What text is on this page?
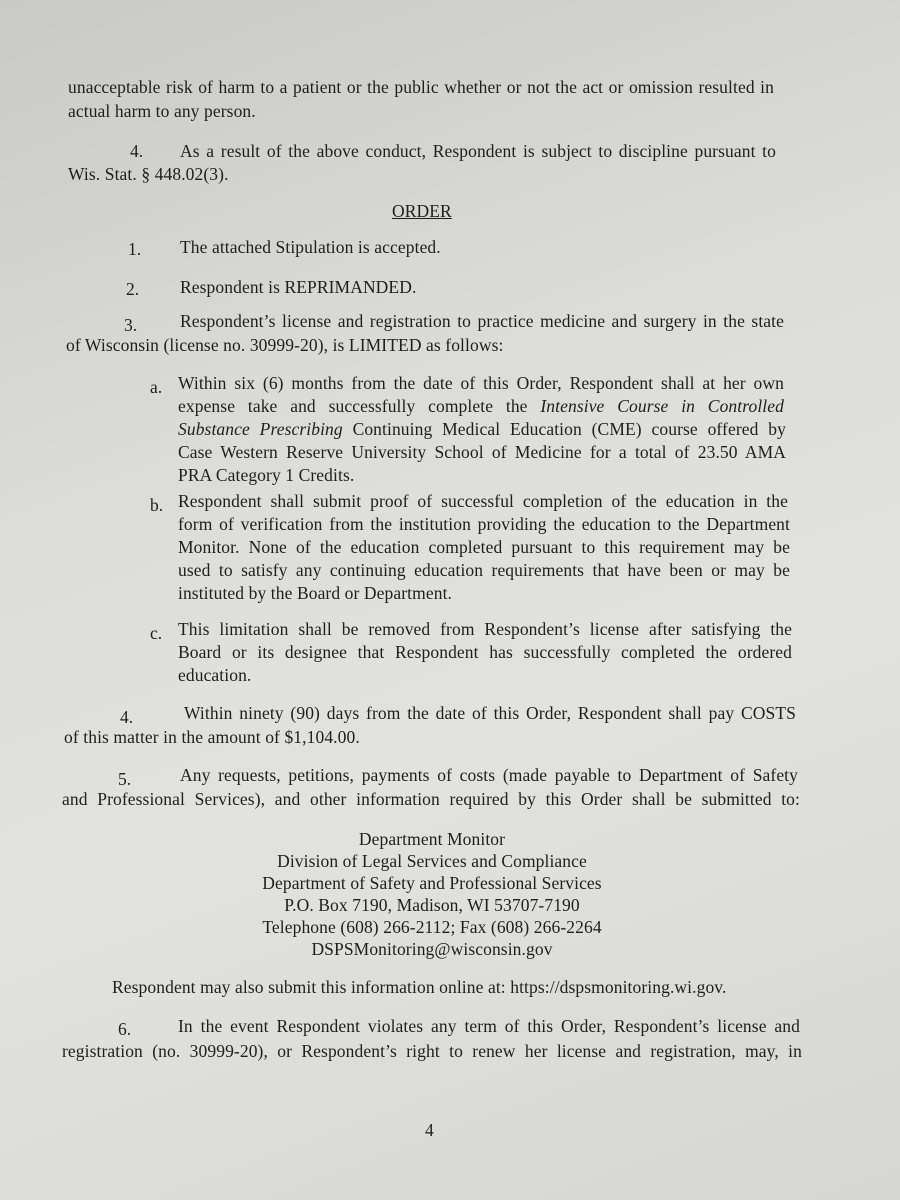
unacceptable risk of harm to a patient or the public whether or not the act or omission resulted in
actual harm to any person.
4. As a result of the above conduct, Respondent is subject to discipline pursuant to
Wis. Stat. § 448.02(3).
ORDER
1. The attached Stipulation is accepted.
2. Respondent is REPRIMANDED.
3. Respondent’s license and registration to practice medicine and surgery in the state
of Wisconsin (license no. 30999-20), is LIMITED as follows:
a. Within six (6) months from the date of this Order, Respondent shall at her own
expense take and successfully complete the Intensive Course in Controlled
Substance Prescribing Continuing Medical Education (CME) course offered by
Case Western Reserve University School of Medicine for a total of 23.50 AMA
PRA Category 1 Credits.
b. Respondent shall submit proof of successful completion of the education in the
form of verification from the institution providing the education to the Department
Monitor. None of the education completed pursuant to this requirement may be
used to satisfy any continuing education requirements that have been or may be
instituted by the Board or Department.
c. This limitation shall be removed from Respondent’s license after satisfying the
Board or its designee that Respondent has successfully completed the ordered
education.
4.	Within ninety (90) days from the date of this Order, Respondent shall pay COSTS
of this matter in the amount of $1,104.00.
5.	Any requests, petitions, payments of costs (made payable to Department of Safety
and Professional Services), and other information required by this Order shall be submitted to:
Department Monitor
Division of Legal Services and Compliance
Department of Safety and Professional Services
P.O. Box 7190, Madison, WI 53707-7190
Telephone (608) 266-2112; Fax (608) 266-2264
DSPSMonitoring@wisconsin.gov
Respondent may also submit this information online at: https://dspsmonitoring.wi.gov.
6.	In the event Respondent violates any term of this Order, Respondent’s license and
registration (no. 30999-20), or Respondent’s right to renew her license and registration, may, in
4
